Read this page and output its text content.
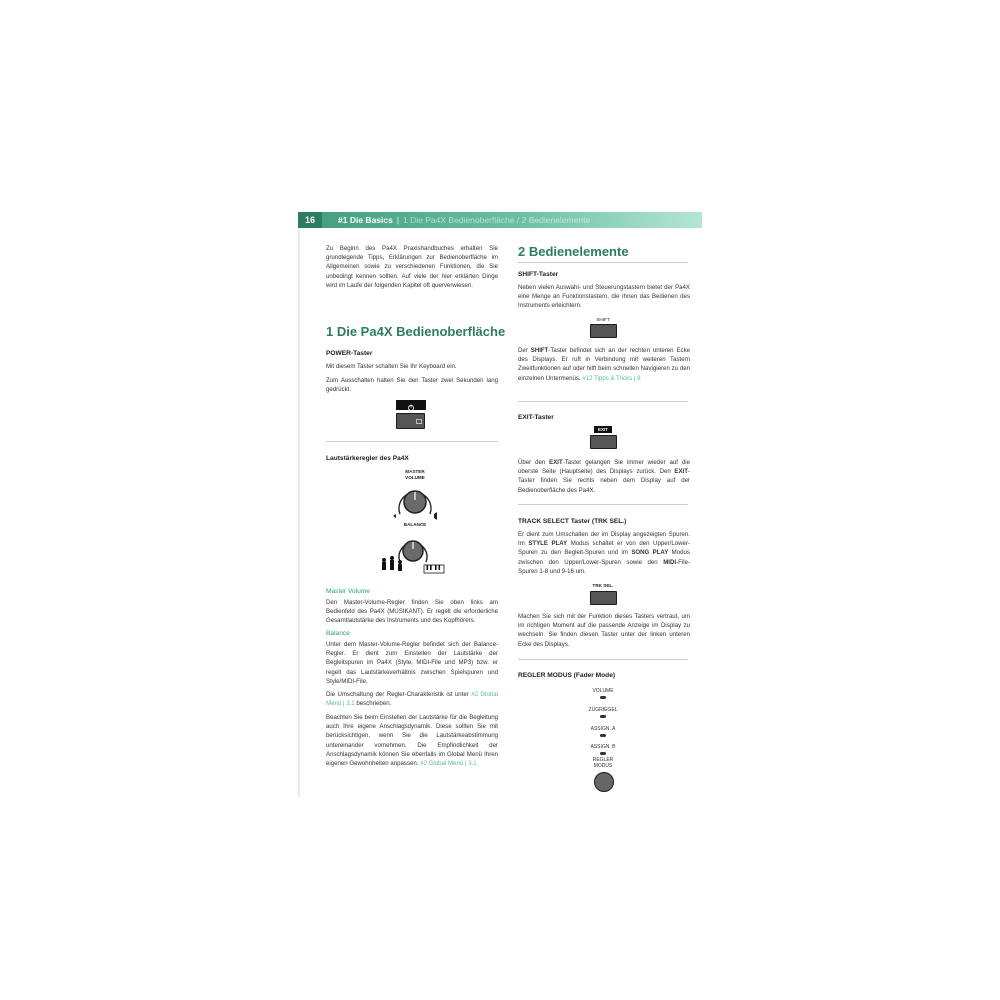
16	#1 Die Basics | 1 Die Pa4X Bedienoberfläche / 2 Bedienelemente

Zu Beginn des Pa4X Praxishandbuches erhalten Sie grundlegende Tipps, Erklärungen zur Bedienoberfläche im Allgemeinen sowie zu verschiedenen Funktionen, die Sie unbedingt kennen sollten. Auf viele der hier erklärten Dinge wird im Laufe der folgenden Kapitel oft querverwiesen.

1 Die Pa4X Bedienoberfläche
POWER-Taster

Mit diesem Taster schalten Sie Ihr Keyboard ein.

Zum Ausschalten halten Sie den Taster zwei Sekunden lang gedrückt.

Lautstärkeregler des Pa4X
MASTER VOLUME
BALANCE

Master Volume

Den Master-Volume-Regler finden Sie oben links am Bedienfeld des Pa4X (MUSIKANT). Er regelt die erforderliche Gesamtlautstärke des Instruments und des Kopfhörers.

Balance

Unter dem Master-Volume-Regler befindet sich der Balance-Regler. Er dient zum Einstellen der Lautstärke der Begleitspuren im Pa4X (Style, MIDI-File und MP3) bzw. er regelt das Lautstärkeverhältnis zwischen Spielspuren und Style/MIDI-File.

Die Umschaltung der Regler-Charakteristik ist unter #2 Global Menü | 3.1 beschrieben.

Beachten Sie beim Einstellen der Lautstärke für die Begleitung auch Ihre eigene Anschlagsdynamik. Diese sollten Sie mit berücksichtigen, wenn Sie die Lautstärkeabstimmung untereinander vornehmen. Die Empfindlichkeit der Anschlagsdynamik können Sie ebenfalls im Global Menü Ihren eigenen Gewohnheiten anpassen. #2 Global Menü | 3.1

2 Bedienelemente
SHIFT-Taster

Neben vielen Auswahl- und Steuerungstastern bietet der Pa4X eine Menge an Funktionstastern, die Ihnen das Bedienen des Instruments erleichtern.

SHIFT

Der SHIFT-Taster befindet sich an der rechten unteren Ecke des Displays. Er ruft in Verbindung mit weiteren Tastern Zweitfunktionen auf oder hilft beim schnellen Navigieren zu den einzelnen Untermenüs. #12 Tipps & Tricks | 9

EXIT-Taster
EXIT

Über den EXIT-Taster gelangen Sie immer wieder auf die oberste Seite (Hauptseite) des Displays zurück. Den EXIT-Taster finden Sie rechts neben dem Display auf der Bedienoberfläche des Pa4X.

TRACK SELECT Taster (TRK SEL.)

Er dient zum Umschalten der im Display angezeigten Spuren. Im STYLE PLAY Modus schaltet er von den Upper/Lower-Spuren zu den Begleit-Spuren und im SONG PLAY Modus zwischen den Upper/Lower-Spuren sowie den MIDI-File-Spuren 1-8 und 9-16 um.

TRK SEL.

Machen Sie sich mit der Funktion dieses Tasters vertraut, um im richtigen Moment auf die passende Anzeige im Display zu wechseln. Sie finden diesen Taster unter der linken unteren Ecke des Displays.

REGLER MODUS (Fader Mode)
VOLUME
ZUGRIEGEL
ASSIGN. A
ASSIGN. B
REGLER MODUS
